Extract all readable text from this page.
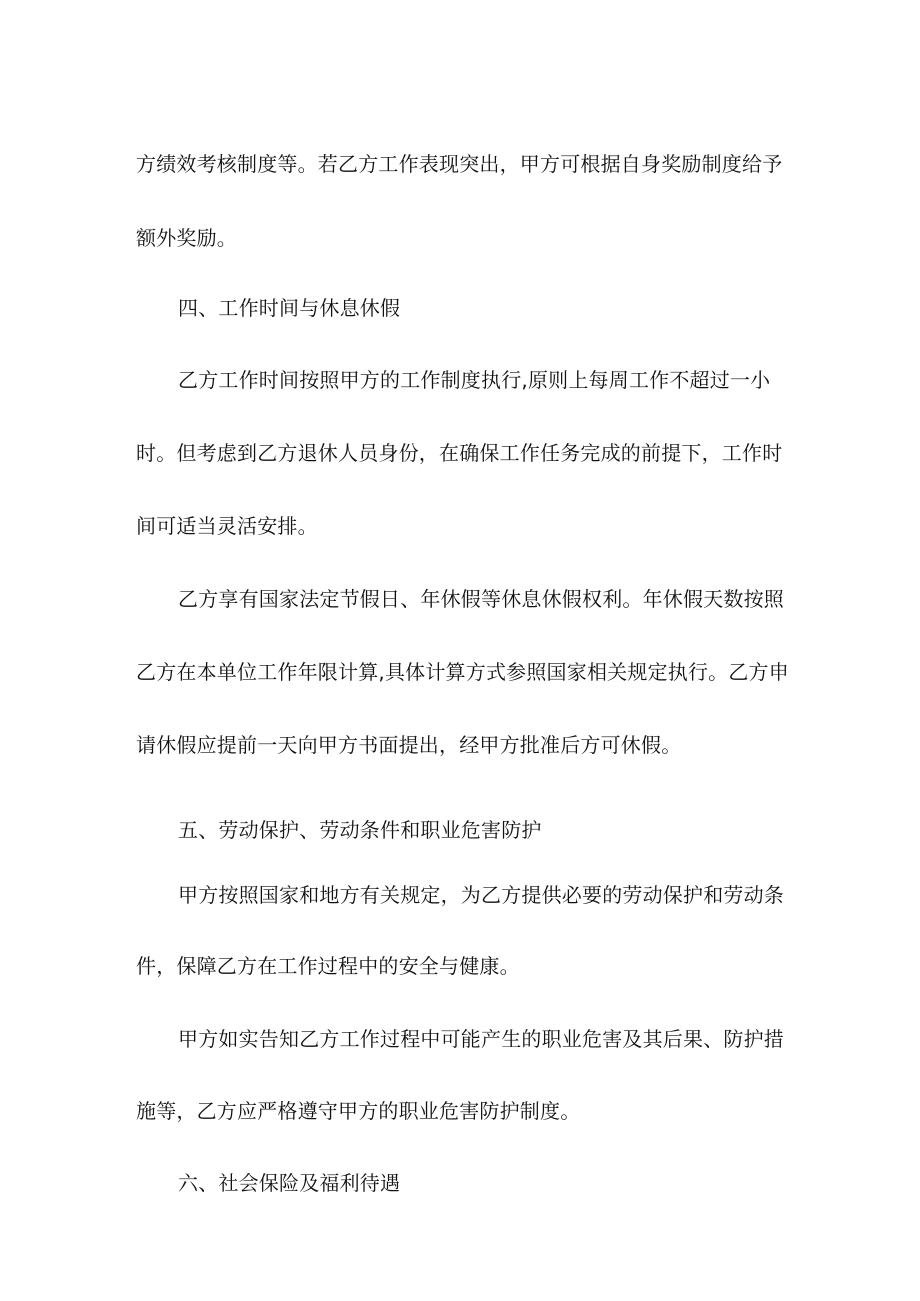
方绩效考核制度等。若乙方工作表现突出，甲方可根据自身奖励制度给予
额外奖励。
四、工作时间与休息休假
乙方工作时间按照甲方的工作制度执行,原则上每周工作不超过一小
时。但考虑到乙方退休人员身份，在确保工作任务完成的前提下，工作时
间可适当灵活安排。
乙方享有国家法定节假日、年休假等休息休假权利。年休假天数按照
乙方在本单位工作年限计算,具体计算方式参照国家相关规定执行。乙方申
请休假应提前一天向甲方书面提出，经甲方批准后方可休假。
五、劳动保护、劳动条件和职业危害防护
甲方按照国家和地方有关规定，为乙方提供必要的劳动保护和劳动条
件，保障乙方在工作过程中的安全与健康。
甲方如实告知乙方工作过程中可能产生的职业危害及其后果、防护措
施等，乙方应严格遵守甲方的职业危害防护制度。
六、社会保险及福利待遇
